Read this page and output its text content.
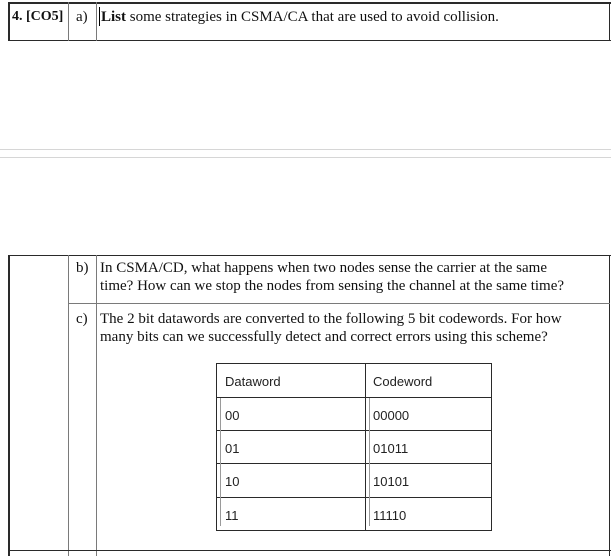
4. [CO5] a) List some strategies in CSMA/CA that are used to avoid collision.
b) In CSMA/CD, what happens when two nodes sense the carrier at the same
time? How can we stop the nodes from sensing the channel at the same time?
c) The 2 bit datawords are converted to the following 5 bit codewords. For how
many bits can we successfully detect and correct errors using this scheme?
Dataword	Codeword
00	00000
01	01011
10	10101
11	11110
